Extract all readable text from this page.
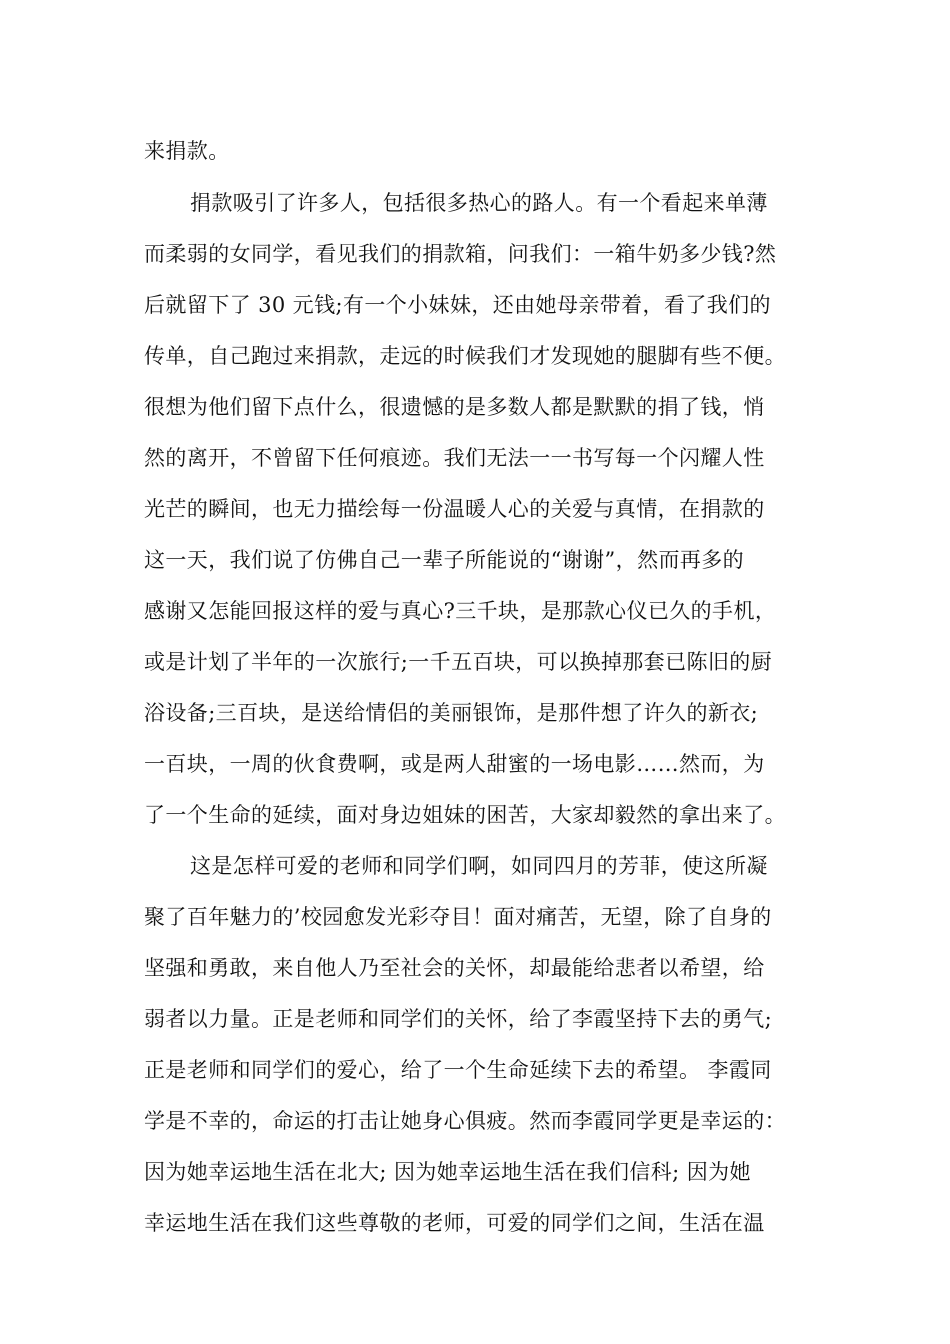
来捐款。
捐款吸引了许多人，包括很多热心的路人。有一个看起来单薄
而柔弱的女同学，看见我们的捐款箱，问我们：一箱牛奶多少钱?然
后就留下了 30 元钱;有一个小妹妹，还由她母亲带着，看了我们的
传单，自己跑过来捐款，走远的时候我们才发现她的腿脚有些不便。
很想为他们留下点什么，很遗憾的是多数人都是默默的捐了钱，悄
然的离开，不曾留下任何痕迹。我们无法一一书写每一个闪耀人性
光芒的瞬间，也无力描绘每一份温暖人心的关爱与真情，在捐款的
这一天，我们说了仿佛自己一辈子所能说的“谢谢”，然而再多的
感谢又怎能回报这样的爱与真心?三千块，是那款心仪已久的手机，
或是计划了半年的一次旅行;一千五百块，可以换掉那套已陈旧的厨
浴设备;三百块，是送给情侣的美丽银饰，是那件想了许久的新衣;
一百块，一周的伙食费啊，或是两人甜蜜的一场电影……然而，为
了一个生命的延续，面对身边姐妹的困苦，大家却毅然的拿出来了。
这是怎样可爱的老师和同学们啊，如同四月的芳菲，使这所凝
聚了百年魅力的’校园愈发光彩夺目！面对痛苦，无望，除了自身的
坚强和勇敢，来自他人乃至社会的关怀，却最能给悲者以希望，给
弱者以力量。正是老师和同学们的关怀，给了李霞坚持下去的勇气;
正是老师和同学们的爱心，给了一个生命延续下去的希望。 李霞同
学是不幸的，命运的打击让她身心俱疲。然而李霞同学更是幸运的：
因为她幸运地生活在北大; 因为她幸运地生活在我们信科; 因为她
幸运地生活在我们这些尊敬的老师，可爱的同学们之间，生活在温
